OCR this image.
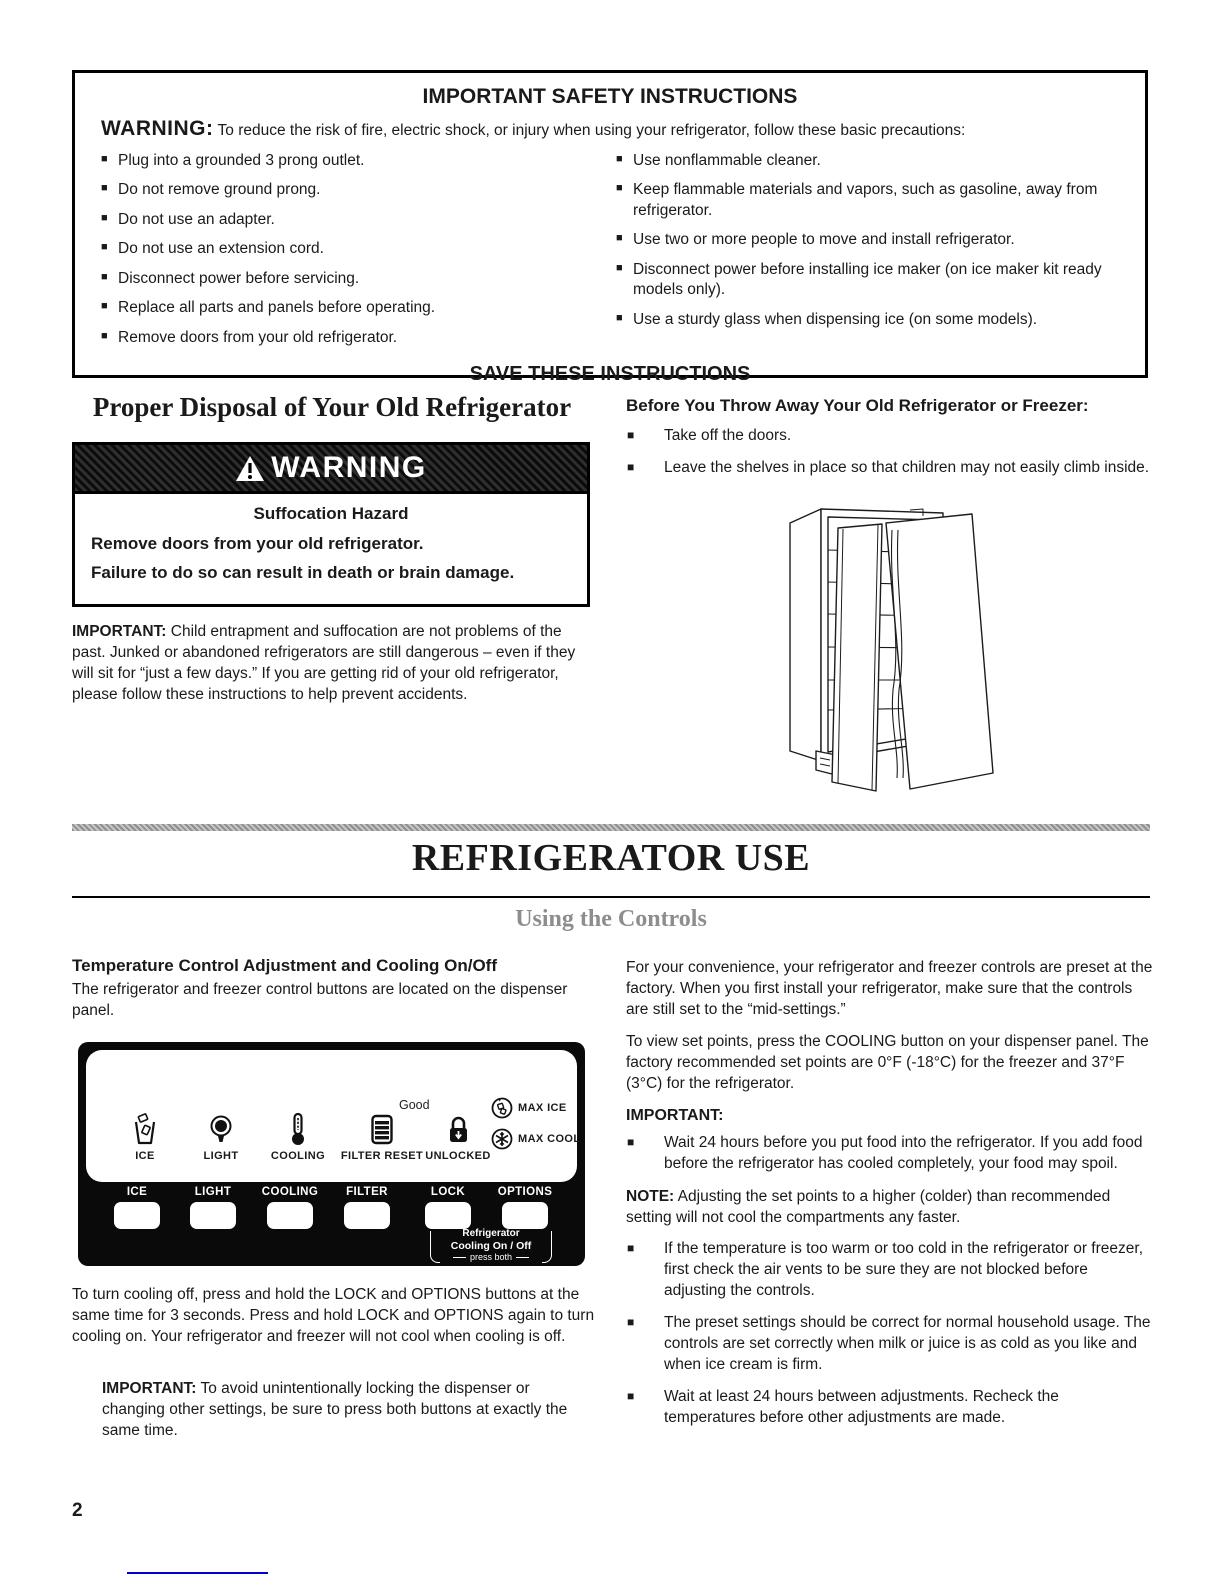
IMPORTANT SAFETY INSTRUCTIONS
WARNING: To reduce the risk of fire, electric shock, or injury when using your refrigerator, follow these basic precautions:
■ Plug into a grounded 3 prong outlet.
■ Do not remove ground prong.
■ Do not use an adapter.
■ Do not use an extension cord.
■ Disconnect power before servicing.
■ Replace all parts and panels before operating.
■ Remove doors from your old refrigerator.
■ Use nonflammable cleaner.
■ Keep flammable materials and vapors, such as gasoline, away from refrigerator.
■ Use two or more people to move and install refrigerator.
■ Disconnect power before installing ice maker (on ice maker kit ready models only).
■ Use a sturdy glass when dispensing ice (on some models).
SAVE THESE INSTRUCTIONS
Proper Disposal of Your Old Refrigerator
WARNING
Suffocation Hazard
Remove doors from your old refrigerator.
Failure to do so can result in death or brain damage.
IMPORTANT: Child entrapment and suffocation are not problems of the past. Junked or abandoned refrigerators are still dangerous – even if they will sit for “just a few days.” If you are getting rid of your old refrigerator, please follow these instructions to help prevent accidents.
Before You Throw Away Your Old Refrigerator or Freezer:
■ Take off the doors.
■ Leave the shelves in place so that children may not easily climb inside.
REFRIGERATOR USE
Using the Controls
Temperature Control Adjustment and Cooling On/Off

The refrigerator and freezer control buttons are located on the dispenser panel.

ICE	LIGHT	COOLING	FILTER RESET
Good
UNLOCKED
MAX ICE
MAX COOL
ICE	LIGHT	COOLING	FILTER	LOCK	OPTIONS
Refrigerator
Cooling On / Off
press both
To turn cooling off, press and hold the LOCK and OPTIONS buttons at the same time for 3 seconds. Press and hold LOCK and OPTIONS again to turn cooling on. Your refrigerator and freezer will not cool when cooling is off.
IMPORTANT: To avoid unintentionally locking the dispenser or changing other settings, be sure to press both buttons at exactly the same time.

For your convenience, your refrigerator and freezer controls are preset at the factory. When you first install your refrigerator, make sure that the controls are still set to the “mid-settings.”

To view set points, press the COOLING button on your dispenser panel. The factory recommended set points are 0°F (-18°C) for the freezer and 37°F (3°C) for the refrigerator.

IMPORTANT:

■ Wait 24 hours before you put food into the refrigerator. If you add food before the refrigerator has cooled completely, your food may spoil.

NOTE: Adjusting the set points to a higher (colder) than recommended setting will not cool the compartments any faster.

■ If the temperature is too warm or too cold in the refrigerator or freezer, first check the air vents to be sure they are not blocked before adjusting the controls.
■ The preset settings should be correct for normal household usage. The controls are set correctly when milk or juice is as cold as you like and when ice cream is firm.
■ Wait at least 24 hours between adjustments. Recheck the temperatures before other adjustments are made.
2
